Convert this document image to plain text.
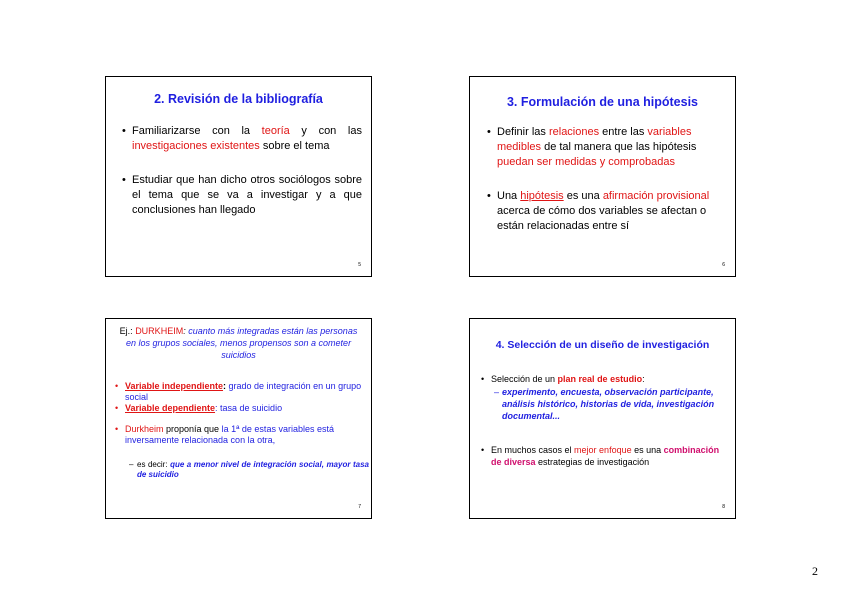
2. Revisión de la bibliografía
• Familiarizarse con la teoría y con las investigaciones existentes sobre el tema
• Estudiar que han dicho otros sociólogos sobre el tema que se va a investigar y a que conclusiones han llegado
5
3. Formulación de una hipótesis
• Definir las relaciones entre las variables medibles de tal manera que las hipótesis puedan ser medidas y comprobadas
• Una hipótesis es una afirmación provisional acerca de cómo dos variables se afectan o están relacionadas entre sí
6
Ej.: DURKHEIM: cuanto más integradas están las personas en los grupos sociales, menos propensos son a cometer suicidios
• Variable independiente: grado de integración en un grupo social
• Variable dependiente: tasa de suicidio
• Durkheim proponía que la 1ª de estas variables está inversamente relacionada con la otra,
– es decir: que a menor nivel de integración social, mayor tasa de suicidio
7
4. Selección de un diseño de investigación
• Selección de un plan real de estudio:
– experimento, encuesta, observación participante, análisis histórico, historias de vida, investigación documental...
• En muchos casos el mejor enfoque es una combinación de diversa estrategias de investigación
8
2
